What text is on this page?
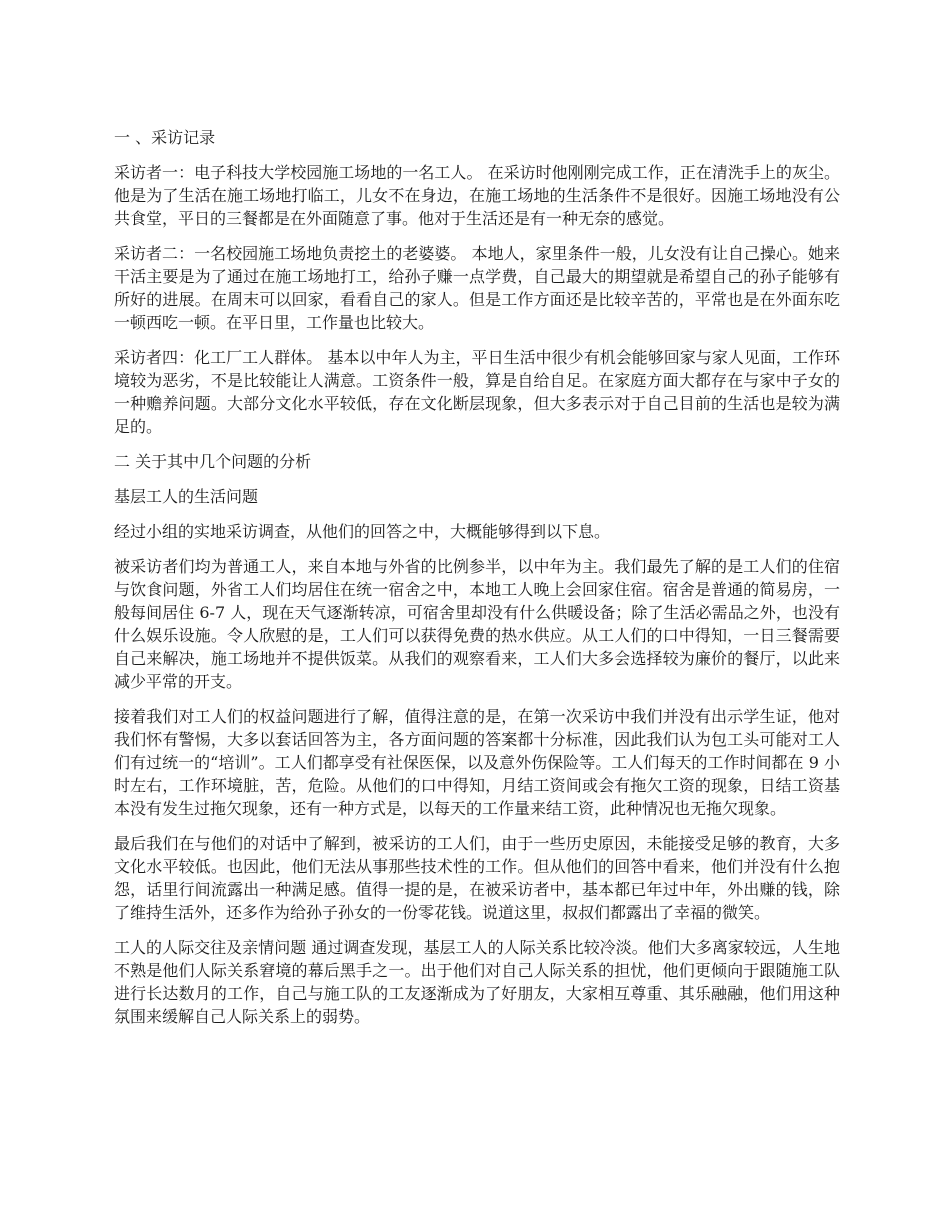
一 、采访记录

采访者一：电子科技大学校园施工场地的一名工人。 在采访时他刚刚完成工作，正在清洗手上的灰尘。他是为了生活在施工场地打临工，儿女不在身边，在施工场地的生活条件不是很好。因施工场地没有公共食堂，平日的三餐都是在外面随意了事。他对于生活还是有一种无奈的感觉。

采访者二：一名校园施工场地负责挖土的老婆婆。 本地人，家里条件一般，儿女没有让自己操心。她来干活主要是为了通过在施工场地打工，给孙子赚一点学费，自己最大的期望就是希望自己的孙子能够有所好的进展。在周末可以回家，看看自己的家人。但是工作方面还是比较辛苦的，平常也是在外面东吃一顿西吃一顿。在平日里，工作量也比较大。

采访者四：化工厂工人群体。 基本以中年人为主，平日生活中很少有机会能够回家与家人见面，工作环境较为恶劣，不是比较能让人满意。工资条件一般，算是自给自足。在家庭方面大都存在与家中子女的一种赡养问题。大部分文化水平较低，存在文化断层现象，但大多表示对于自己目前的生活也是较为满足的。

二 关于其中几个问题的分析

基层工人的生活问题

经过小组的实地采访调查，从他们的回答之中，大概能够得到以下息。

被采访者们均为普通工人，来自本地与外省的比例参半，以中年为主。我们最先了解的是工人们的住宿与饮食问题，外省工人们均居住在统一宿舍之中，本地工人晚上会回家住宿。宿舍是普通的简易房，一般每间居住 6-7 人，现在天气逐渐转凉，可宿舍里却没有什么供暖设备；除了生活必需品之外，也没有什么娱乐设施。令人欣慰的是，工人们可以获得免费的热水供应。从工人们的口中得知，一日三餐需要自己来解决，施工场地并不提供饭菜。从我们的观察看来，工人们大多会选择较为廉价的餐厅，以此来减少平常的开支。

接着我们对工人们的权益问题进行了解，值得注意的是，在第一次采访中我们并没有出示学生证，他对我们怀有警惕，大多以套话回答为主，各方面问题的答案都十分标准，因此我们认为包工头可能对工人们有过统一的“培训”。工人们都享受有社保医保，以及意外伤保险等。工人们每天的工作时间都在 9 小时左右，工作环境脏，苦，危险。从他们的口中得知，月结工资间或会有拖欠工资的现象，日结工资基本没有发生过拖欠现象，还有一种方式是，以每天的工作量来结工资，此种情况也无拖欠现象。

最后我们在与他们的对话中了解到，被采访的工人们，由于一些历史原因，未能接受足够的教育，大多文化水平较低。也因此，他们无法从事那些技术性的工作。但从他们的回答中看来，他们并没有什么抱怨，话里行间流露出一种满足感。值得一提的是，在被采访者中，基本都已年过中年，外出赚的钱，除了维持生活外，还多作为给孙子孙女的一份零花钱。说道这里，叔叔们都露出了幸福的微笑。

工人的人际交往及亲情问题 通过调查发现，基层工人的人际关系比较冷淡。他们大多离家较远，人生地不熟是他们人际关系窘境的幕后黑手之一。出于他们对自己人际关系的担忧，他们更倾向于跟随施工队进行长达数月的工作，自己与施工队的工友逐渐成为了好朋友，大家相互尊重、其乐融融，他们用这种氛围来缓解自己人际关系上的弱势。
